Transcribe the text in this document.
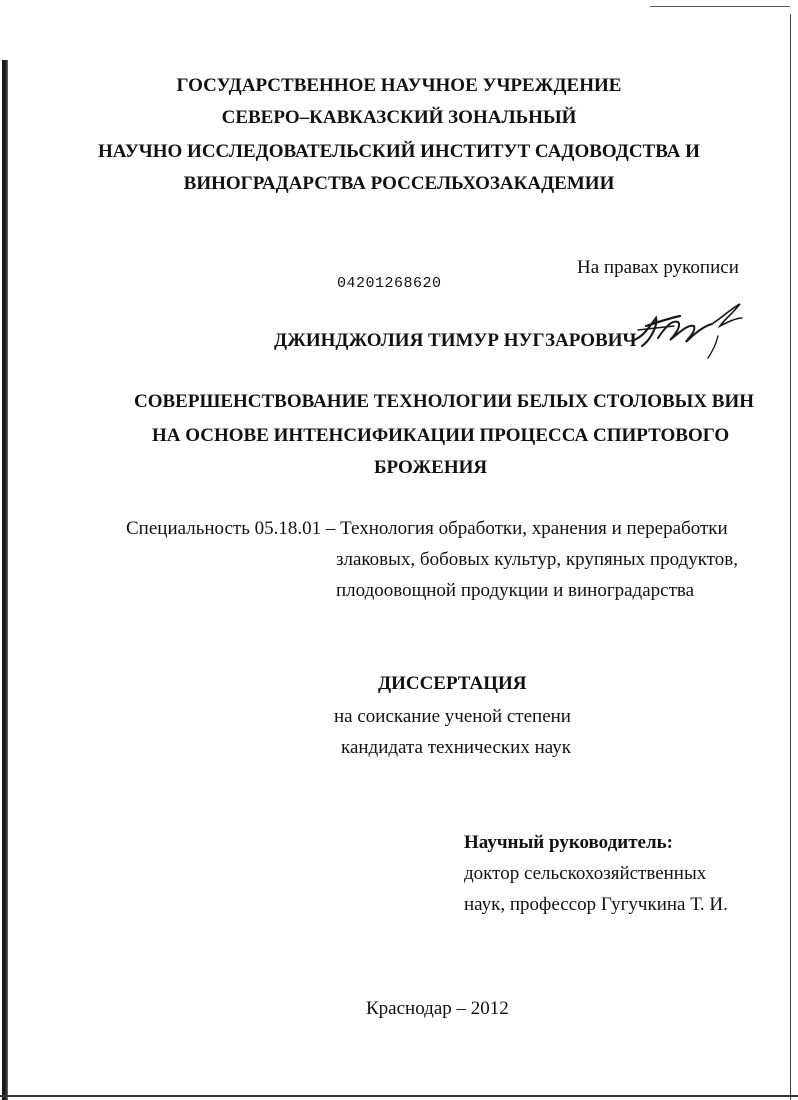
ГОСУДАРСТВЕННОЕ НАУЧНОЕ УЧРЕЖДЕНИЕ
СЕВЕРО–КАВКАЗСКИЙ ЗОНАЛЬНЫЙ
НАУЧНО ИССЛЕДОВАТЕЛЬСКИЙ ИНСТИТУТ САДОВОДСТВА И
ВИНОГРАДАРСТВА РОССЕЛЬХОЗАКАДЕМИИ
На правах рукописи
04201268620
ДЖИНДЖОЛИЯ ТИМУР НУГЗАРОВИЧ
СОВЕРШЕНСТВОВАНИЕ ТЕХНОЛОГИИ БЕЛЫХ СТОЛОВЫХ ВИН
НА ОСНОВЕ ИНТЕНСИФИКАЦИИ ПРОЦЕССА СПИРТОВОГО
БРОЖЕНИЯ
Специальность 05.18.01 – Технология обработки, хранения и переработки
злаковых, бобовых культур, крупяных продуктов,
плодоовощной продукции и виноградарства
ДИССЕРТАЦИЯ
на соискание ученой степени
кандидата технических наук
Научный руководитель:
доктор сельскохозяйственных
наук, профессор Гугучкина Т. И.
Краснодар – 2012
